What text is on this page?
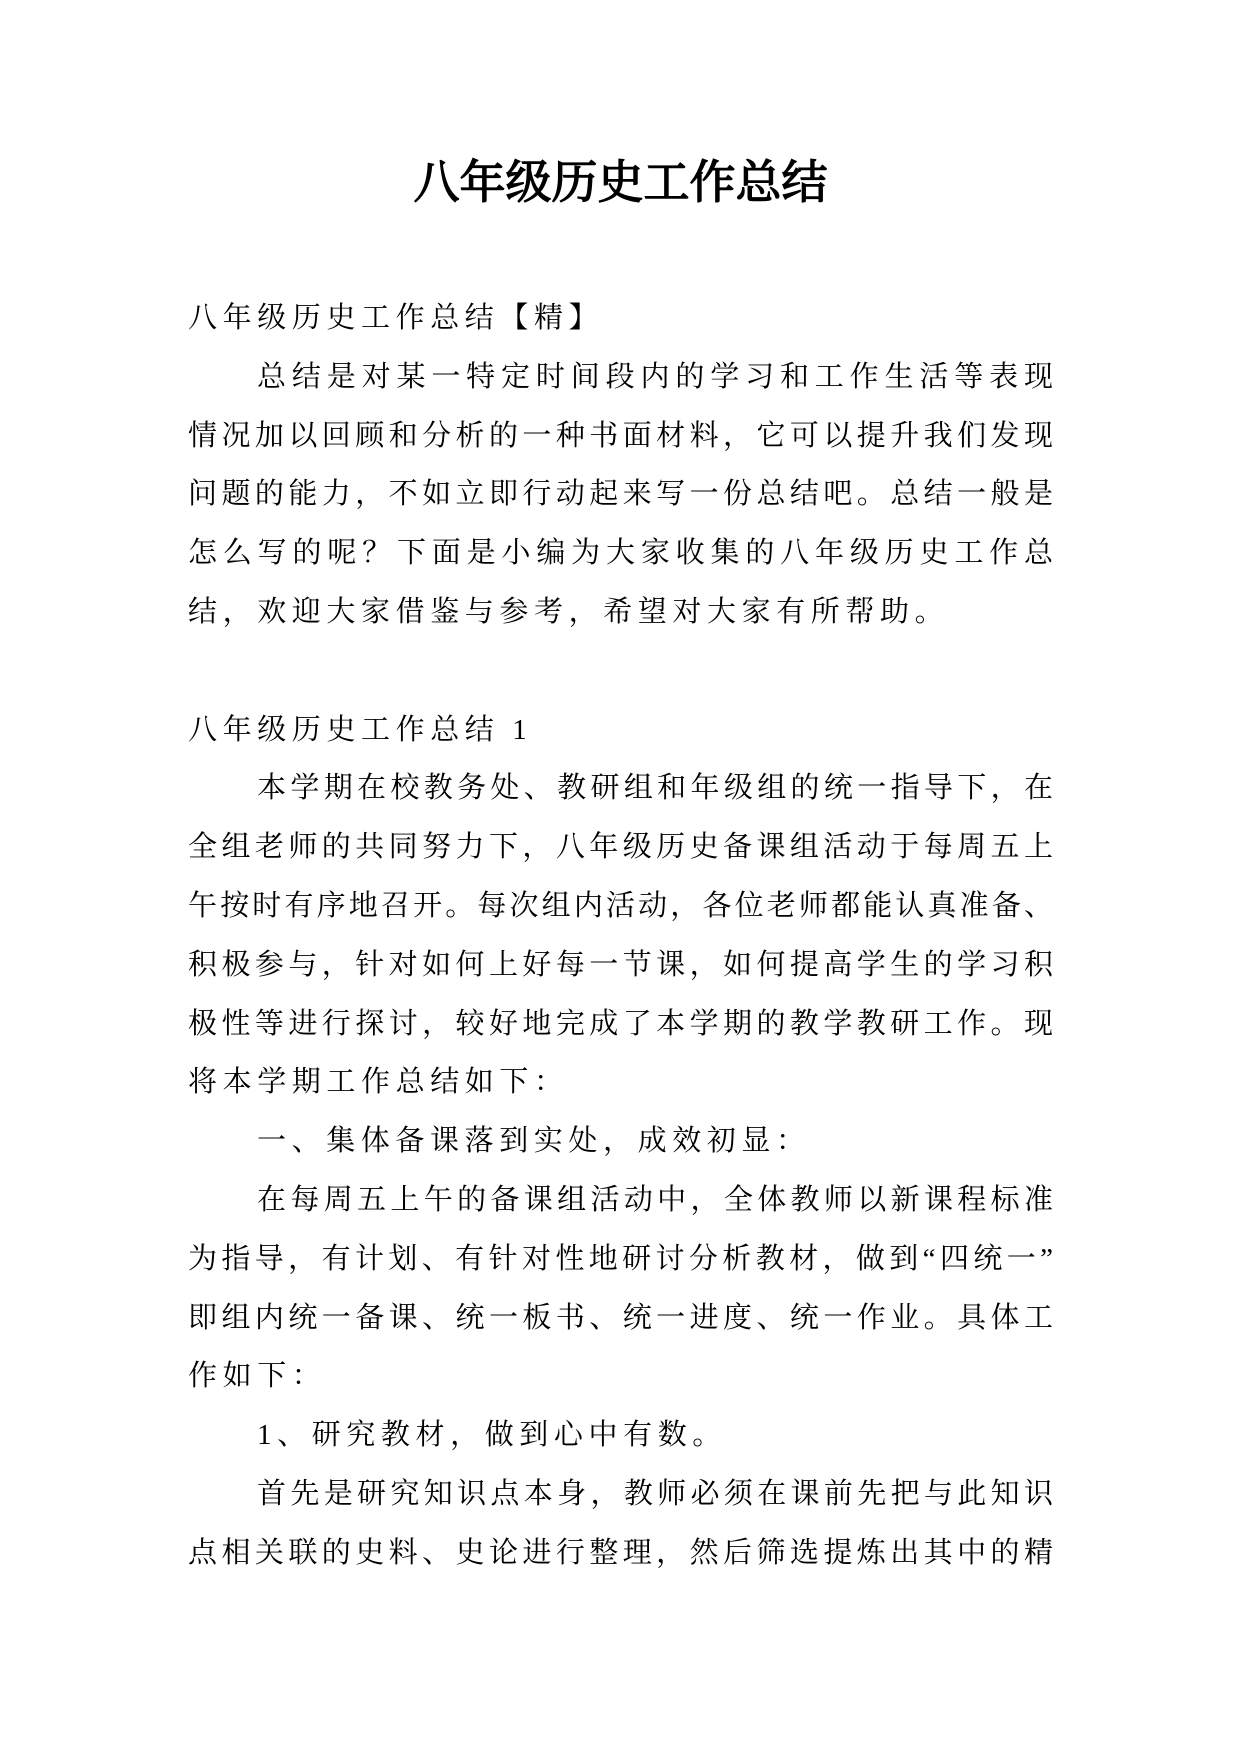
八年级历史工作总结
八年级历史工作总结【精】
总结是对某一特定时间段内的学习和工作生活等表现
情况加以回顾和分析的一种书面材料，它可以提升我们发现
问题的能力，不如立即行动起来写一份总结吧。总结一般是
怎么写的呢？下面是小编为大家收集的八年级历史工作总
结，欢迎大家借鉴与参考，希望对大家有所帮助。
八年级历史工作总结 1
本学期在校教务处、教研组和年级组的统一指导下，在
全组老师的共同努力下，八年级历史备课组活动于每周五上
午按时有序地召开。每次组内活动，各位老师都能认真准备、
积极参与，针对如何上好每一节课，如何提高学生的学习积
极性等进行探讨，较好地完成了本学期的教学教研工作。现
将本学期工作总结如下：
一、集体备课落到实处，成效初显：
在每周五上午的备课组活动中，全体教师以新课程标准
为指导，有计划、有针对性地研讨分析教材，做到“四统一”
即组内统一备课、统一板书、统一进度、统一作业。具体工
作如下：
1、研究教材，做到心中有数。
首先是研究知识点本身，教师必须在课前先把与此知识
点相关联的史料、史论进行整理，然后筛选提炼出其中的精
